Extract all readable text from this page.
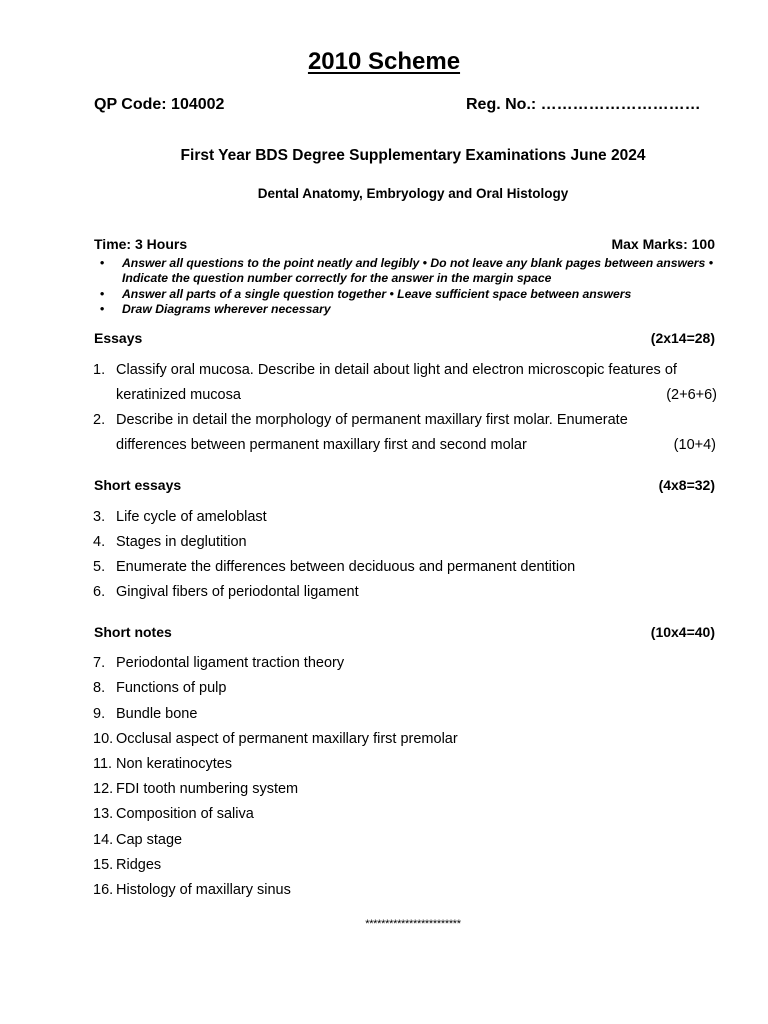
2010 Scheme
QP Code: 104002	Reg. No.: …………………………
First Year BDS Degree Supplementary Examinations June 2024
Dental Anatomy, Embryology and Oral Histology
Time: 3 Hours	Max Marks: 100
• Answer all questions to the point neatly and legibly • Do not leave any blank pages between answers • Indicate the question number correctly for the answer in the margin space
• Answer all parts of a single question together • Leave sufficient space between answers
• Draw Diagrams wherever necessary
Essays	(2x14=28)
1. Classify oral mucosa. Describe in detail about light and electron microscopic features of
keratinized mucosa	(2+6+6)
2. Describe in detail the morphology of permanent maxillary first molar. Enumerate
differences between permanent maxillary first and second molar	(10+4)
Short essays	(4x8=32)
3. Life cycle of ameloblast
4. Stages in deglutition
5. Enumerate the differences between deciduous and permanent dentition
6. Gingival fibers of periodontal ligament
Short notes	(10x4=40)
7. Periodontal ligament traction theory
8. Functions of pulp
9. Bundle bone
10. Occlusal aspect of permanent maxillary first premolar
11. Non keratinocytes
12. FDI tooth numbering system
13. Composition of saliva
14. Cap stage
15. Ridges
16. Histology of maxillary sinus
************************
